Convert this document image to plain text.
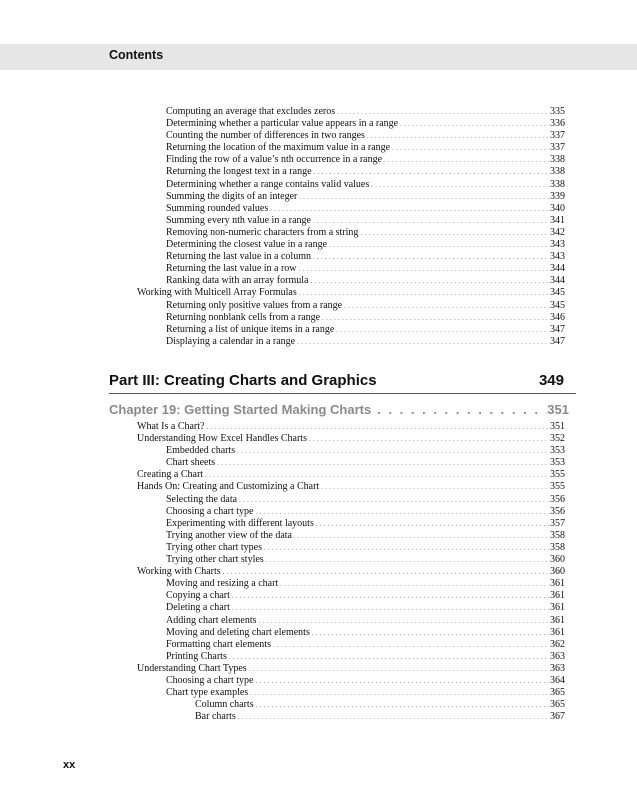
Contents
Computing an average that excludes zeros . . .	335
Determining whether a particular value appears in a range . . .	336
Counting the number of differences in two ranges . . .	337
Returning the location of the maximum value in a range . . .	337
Finding the row of a value’s nth occurrence in a range . . .	338
Returning the longest text in a range . . .	338
Determining whether a range contains valid values . . .	338
Summing the digits of an integer . . .	339
Summing rounded values . . .	340
Summing every nth value in a range . . .	341
Removing non-numeric characters from a string . . .	342
Determining the closest value in a range . . .	343
Returning the last value in a column . . .	343
Returning the last value in a row . . .	344
Ranking data with an array formula . . .	344
Working with Multicell Array Formulas . . .	345
Returning only positive values from a range . . .	345
Returning nonblank cells from a range . . .	346
Returning a list of unique items in a range . . .	347
Displaying a calendar in a range . . .	347
Part III: Creating Charts and Graphics	349
Chapter 19: Getting Started Making Charts . . .	351
What Is a Chart? . . .	351
Understanding How Excel Handles Charts . . .	352
Embedded charts . . .	353
Chart sheets . . .	353
Creating a Chart . . .	355
Hands On: Creating and Customizing a Chart . . .	355
Selecting the data . . .	356
Choosing a chart type . . .	356
Experimenting with different layouts . . .	357
Trying another view of the data . . .	358
Trying other chart types . . .	358
Trying other chart styles . . .	360
Working with Charts . . .	360
Moving and resizing a chart . . .	361
Copying a chart . . .	361
Deleting a chart . . .	361
Adding chart elements . . .	361
Moving and deleting chart elements . . .	361
Formatting chart elements . . .	362
Printing Charts . . .	363
Understanding Chart Types . . .	363
Choosing a chart type . . .	364
Chart type examples . . .	365
Column charts . . .	365
Bar charts . . .	367
xx
